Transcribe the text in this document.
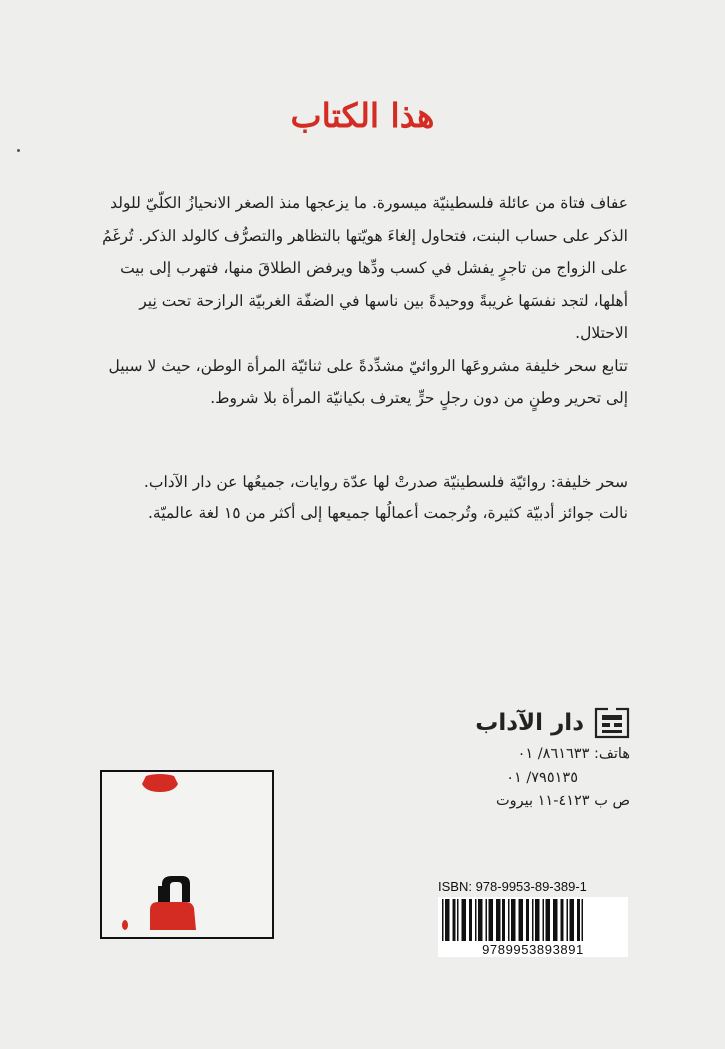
هذا الكتاب

عفاف فتاة من عائلة فلسطينيّة ميسورة. ما يزعجها منذ الصغر الانحيازُ الكلّيّ للولد الذكر على حساب البنت، فتحاول إلغاءَ هويّتها بالتظاهر والتصرُّف كالولد الذكر. تُرغَمُ على الزواج من تاجرٍ يفشل في كسب ودِّها ويرفض الطلاقَ منها، فتهرب إلى بيت أهلها، لتجد نفسَها غريبةً ووحيدةً بين ناسها في الضفّة الغربيّة الرازحة تحت نِير الاحتلال.

تتابع سحر خليفة مشروعَها الروائيّ مشدِّدةً على ثنائيّة المرأة الوطن، حيث لا سبيل إلى تحرير وطنٍ من دون رجلٍ حرٍّ يعترف بكيانيّة المرأة بلا شروط.

سحر خليفة: روائيّة فلسطينيّة صدرتْ لها عدّة روايات، جميعُها عن دار الآداب.

نالت جوائز أدبيّة كثيرة، وتُرجمت أعمالُها جميعها إلى أكثر من ١٥ لغة عالميّة.

دار الآداب
هاتف: ٨٦١٦٣٣/ ٠١
٧٩٥١٣٥/ ٠١
ص ب ٤١٢٣-١١ بيروت
ISBN: 978-9953-89-389-1
9789953893891
